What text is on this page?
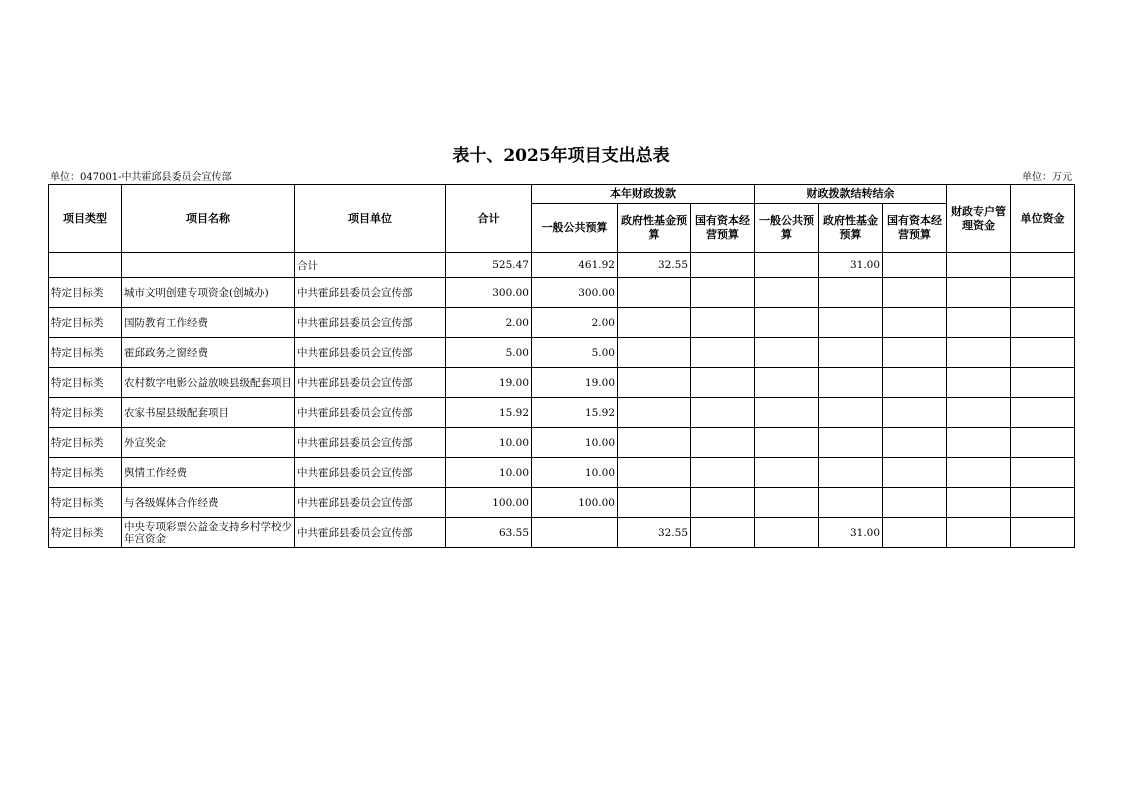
表十、2025年项目支出总表
单位：047001-中共霍邱县委员会宣传部	单位：万元
项目类型	项目名称	项目单位	合计	本年财政拨款			财政拨款结转结余			财政专户管理资金	单位资金
				一般公共预算	政府性基金预算	国有资本经营预算	一般公共预算	政府性基金预算	国有资本经营预算		
		合计	525.47	461.92	32.55			31.00			
特定目标类	城市文明创建专项资金(创城办)	中共霍邱县委员会宣传部	300.00	300.00							
特定目标类	国防教育工作经费	中共霍邱县委员会宣传部	2.00	2.00							
特定目标类	霍邱政务之窗经费	中共霍邱县委员会宣传部	5.00	5.00							
特定目标类	农村数字电影公益放映县级配套项目	中共霍邱县委员会宣传部	19.00	19.00							
特定目标类	农家书屋县级配套项目	中共霍邱县委员会宣传部	15.92	15.92							
特定目标类	外宣奖金	中共霍邱县委员会宣传部	10.00	10.00							
特定目标类	舆情工作经费	中共霍邱县委员会宣传部	10.00	10.00							
特定目标类	与各级媒体合作经费	中共霍邱县委员会宣传部	100.00	100.00							
特定目标类	中央专项彩票公益金支持乡村学校少年宫资金	中共霍邱县委员会宣传部	63.55		32.55			31.00			
